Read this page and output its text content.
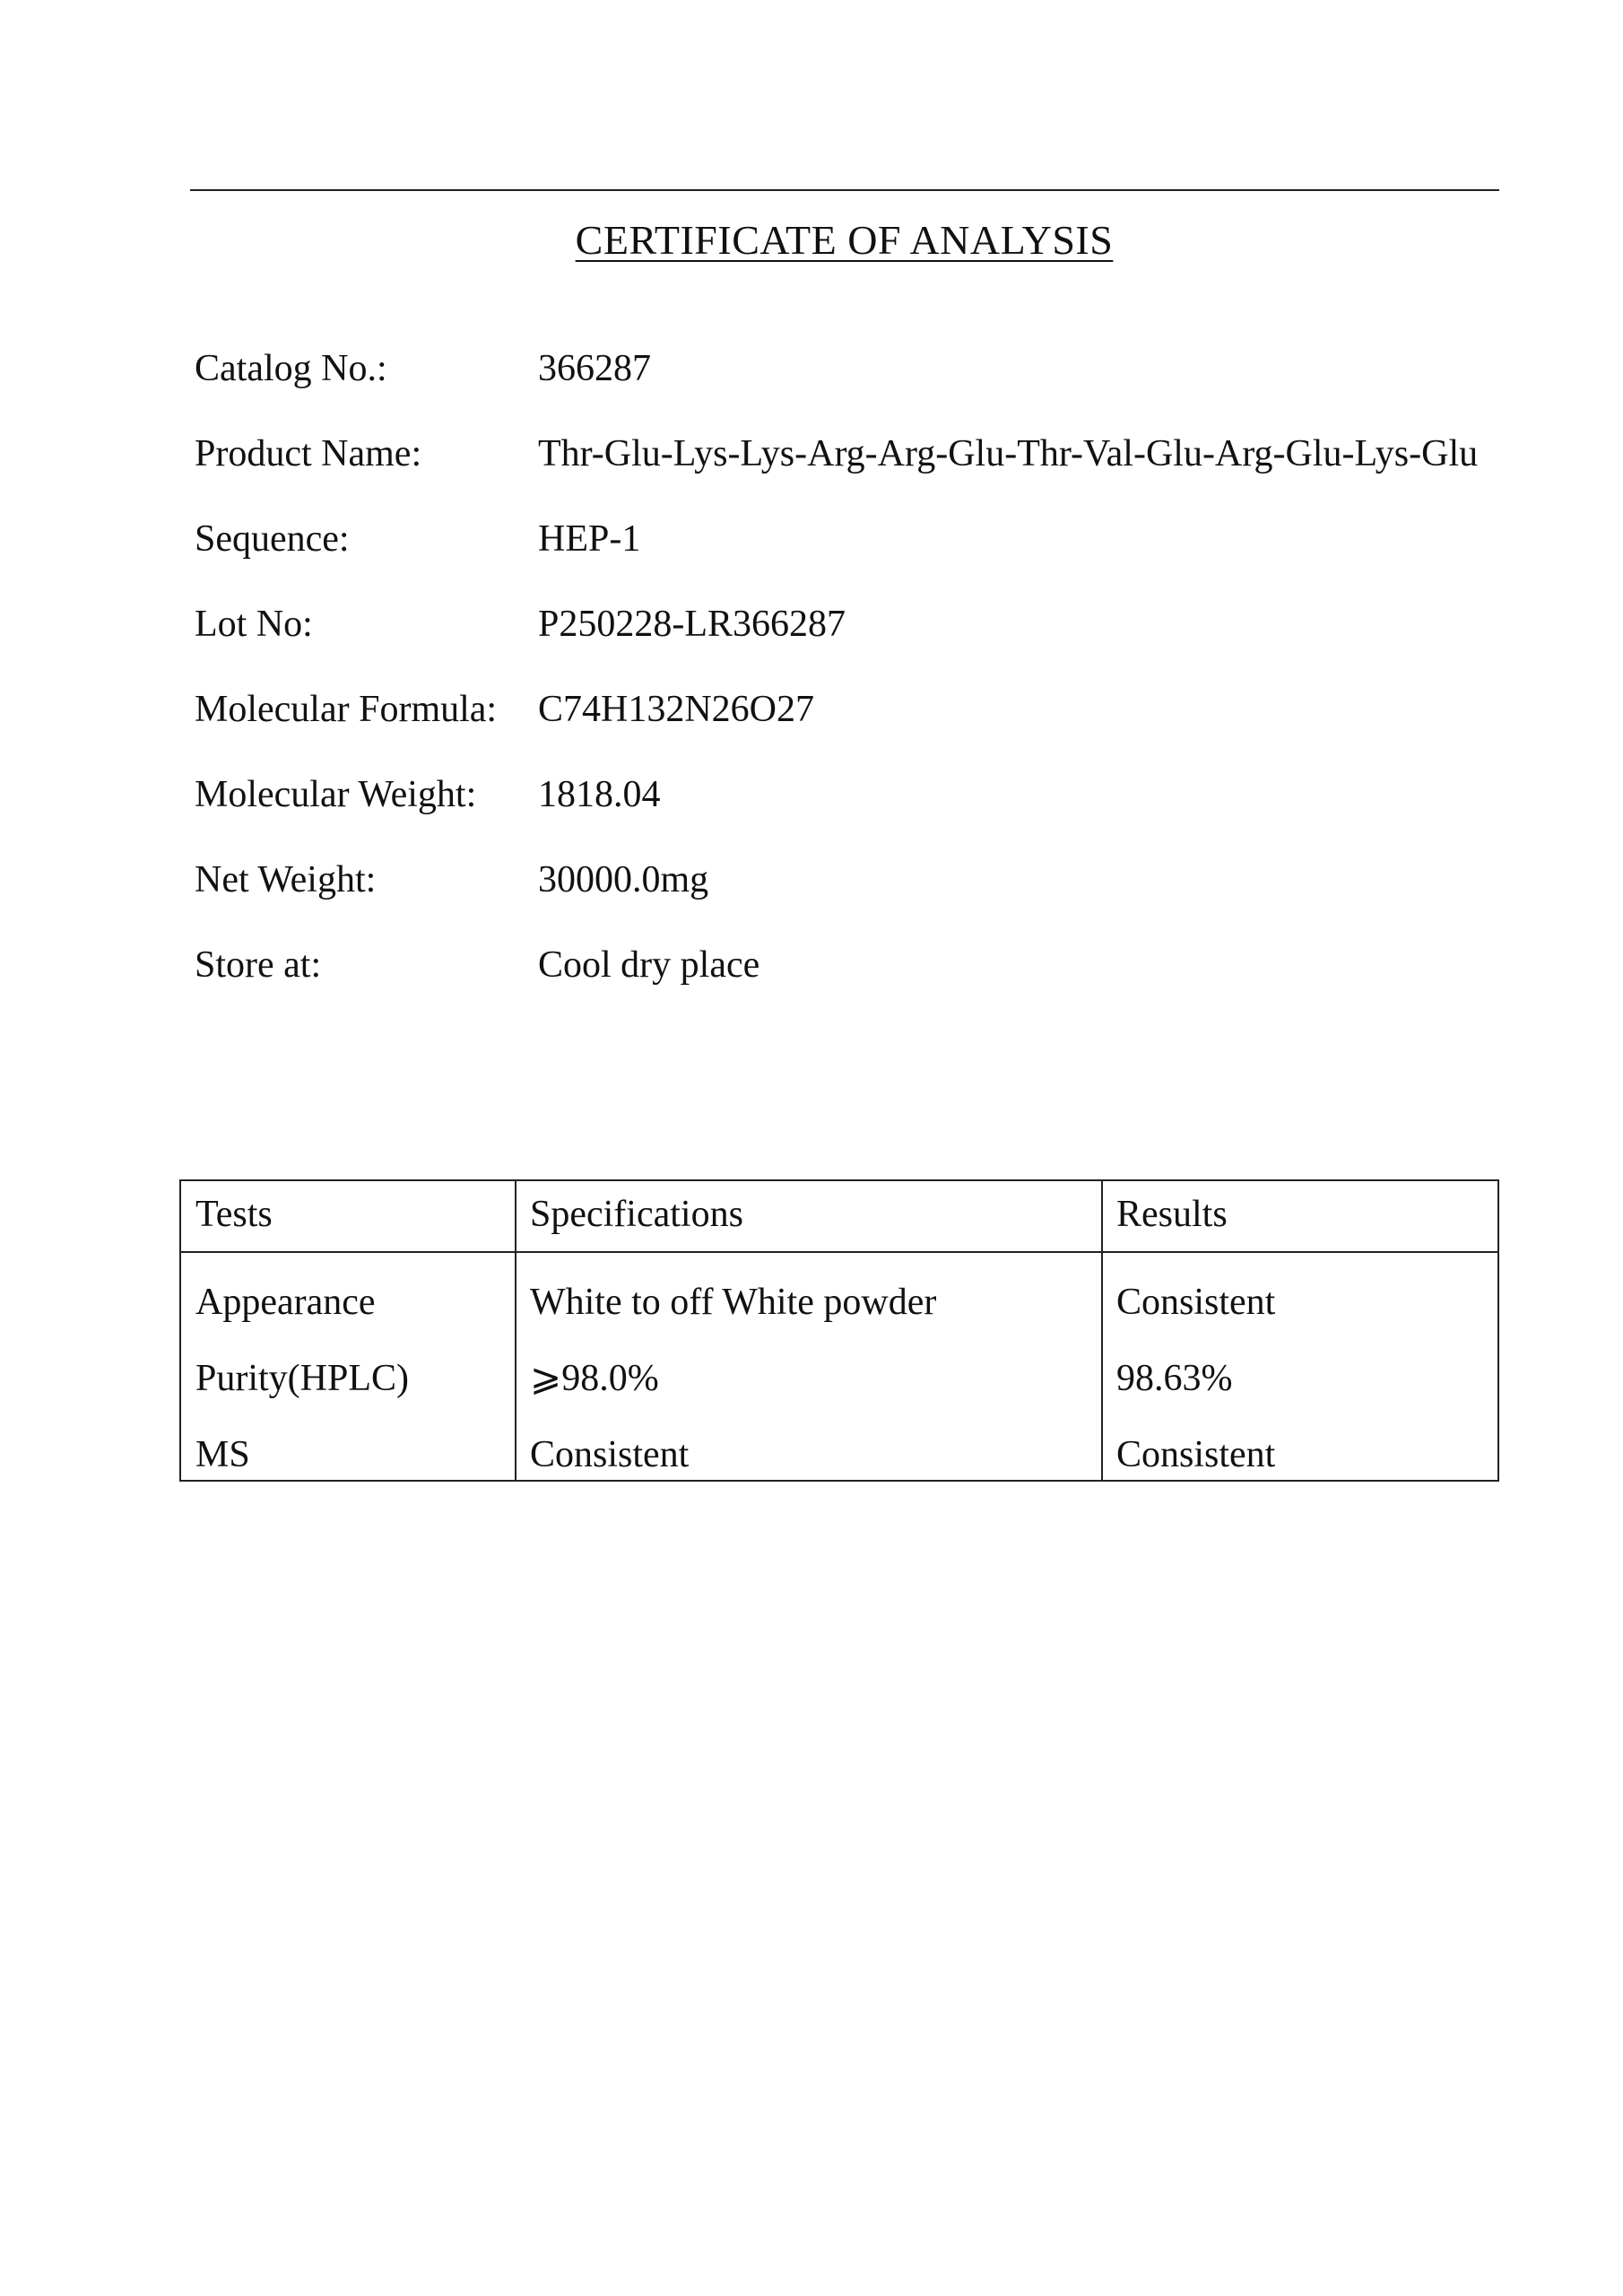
CERTIFICATE OF ANALYSIS
Catalog No.:	366287
Product Name:	Thr-Glu-Lys-Lys-Arg-Arg-Glu-Thr-Val-Glu-Arg-Glu-Lys-Glu
Sequence:	HEP-1
Lot No:	P250228-LR366287
Molecular Formula: C74H132N26O27
Molecular Weight: 1818.04
Net Weight:	30000.0mg
Store at:	Cool dry place
Tests	Specifications	Results
Appearance	White to off White powder	Consistent
Purity(HPLC)	⩾98.0%	98.63%
MS	Consistent	Consistent
